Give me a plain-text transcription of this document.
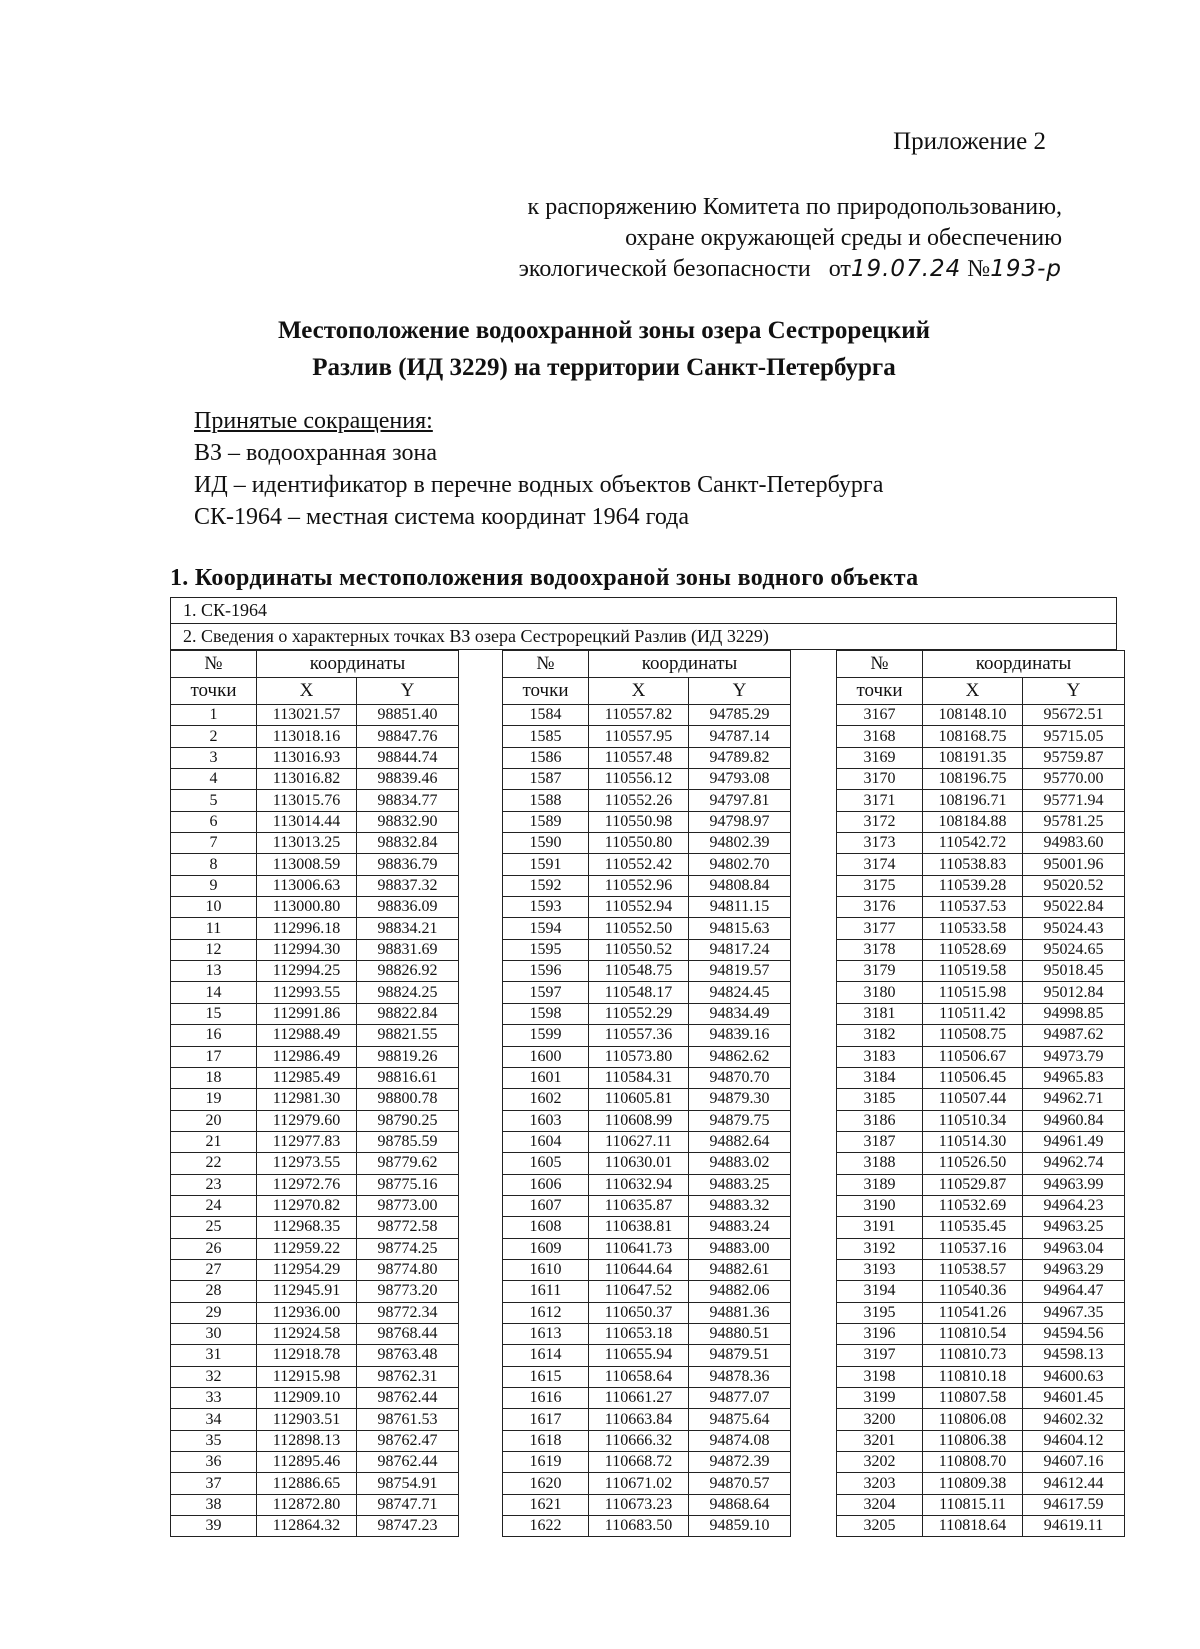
Приложение 2
к распоряжению Комитета по природопользованию,
охране окружающей среды и обеспечению
экологической безопасности от19.07.24 №193-р
Местоположение водоохранной зоны озера Сестрорецкий
Разлив (ИД 3229) на территории Санкт-Петербурга
Принятые сокращения:
ВЗ – водоохранная зона
ИД – идентификатор в перечне водных объектов Санкт-Петербурга
СК-1964 – местная система координат 1964 года
1. Координаты местоположения водоохраной зоны водного объекта
1. СК-1964
2. Сведения о характерных точках ВЗ озера Сестрорецкий Разлив (ИД 3229)
№	координаты	
точки	X	Y
1	113021.57	98851.40
2	113018.16	98847.76
3	113016.93	98844.74
4	113016.82	98839.46
5	113015.76	98834.77
6	113014.44	98832.90
7	113013.25	98832.84
8	113008.59	98836.79
9	113006.63	98837.32
10	113000.80	98836.09
11	112996.18	98834.21
12	112994.30	98831.69
13	112994.25	98826.92
14	112993.55	98824.25
15	112991.86	98822.84
16	112988.49	98821.55
17	112986.49	98819.26
18	112985.49	98816.61
19	112981.30	98800.78
20	112979.60	98790.25
21	112977.83	98785.59
22	112973.55	98779.62
23	112972.76	98775.16
24	112970.82	98773.00
25	112968.35	98772.58
26	112959.22	98774.25
27	112954.29	98774.80
28	112945.91	98773.20
29	112936.00	98772.34
30	112924.58	98768.44
31	112918.78	98763.48
32	112915.98	98762.31
33	112909.10	98762.44
34	112903.51	98761.53
35	112898.13	98762.47
36	112895.46	98762.44
37	112886.65	98754.91
38	112872.80	98747.71
39	112864.32	98747.23
№	координаты	
точки	X	Y
1584	110557.82	94785.29
1585	110557.95	94787.14
1586	110557.48	94789.82
1587	110556.12	94793.08
1588	110552.26	94797.81
1589	110550.98	94798.97
1590	110550.80	94802.39
1591	110552.42	94802.70
1592	110552.96	94808.84
1593	110552.94	94811.15
1594	110552.50	94815.63
1595	110550.52	94817.24
1596	110548.75	94819.57
1597	110548.17	94824.45
1598	110552.29	94834.49
1599	110557.36	94839.16
1600	110573.80	94862.62
1601	110584.31	94870.70
1602	110605.81	94879.30
1603	110608.99	94879.75
1604	110627.11	94882.64
1605	110630.01	94883.02
1606	110632.94	94883.25
1607	110635.87	94883.32
1608	110638.81	94883.24
1609	110641.73	94883.00
1610	110644.64	94882.61
1611	110647.52	94882.06
1612	110650.37	94881.36
1613	110653.18	94880.51
1614	110655.94	94879.51
1615	110658.64	94878.36
1616	110661.27	94877.07
1617	110663.84	94875.64
1618	110666.32	94874.08
1619	110668.72	94872.39
1620	110671.02	94870.57
1621	110673.23	94868.64
1622	110683.50	94859.10
№	координаты	
точки	X	Y
3167	108148.10	95672.51
3168	108168.75	95715.05
3169	108191.35	95759.87
3170	108196.75	95770.00
3171	108196.71	95771.94
3172	108184.88	95781.25
3173	110542.72	94983.60
3174	110538.83	95001.96
3175	110539.28	95020.52
3176	110537.53	95022.84
3177	110533.58	95024.43
3178	110528.69	95024.65
3179	110519.58	95018.45
3180	110515.98	95012.84
3181	110511.42	94998.85
3182	110508.75	94987.62
3183	110506.67	94973.79
3184	110506.45	94965.83
3185	110507.44	94962.71
3186	110510.34	94960.84
3187	110514.30	94961.49
3188	110526.50	94962.74
3189	110529.87	94963.99
3190	110532.69	94964.23
3191	110535.45	94963.25
3192	110537.16	94963.04
3193	110538.57	94963.29
3194	110540.36	94964.47
3195	110541.26	94967.35
3196	110810.54	94594.56
3197	110810.73	94598.13
3198	110810.18	94600.63
3199	110807.58	94601.45
3200	110806.08	94602.32
3201	110806.38	94604.12
3202	110808.70	94607.16
3203	110809.38	94612.44
3204	110815.11	94617.59
3205	110818.64	94619.11
